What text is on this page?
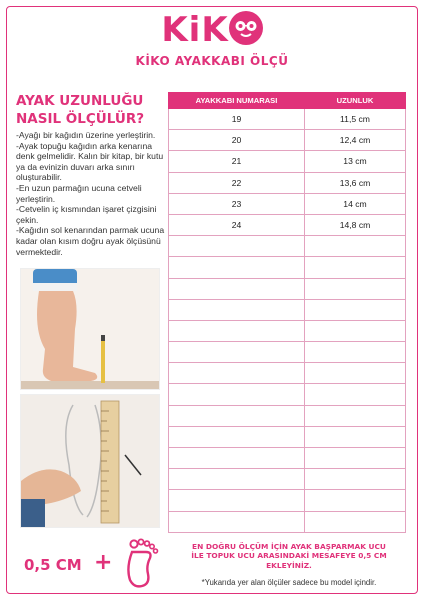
KiK
KİKO AYAKKABI ÖLÇÜ
AYAK UZUNLUĞU
NASIL ÖLÇÜLÜR?

-Ayağı bir kağıdın üzerine yerleştirin.

-Ayak topuğu kağıdın arka kenarına denk gelmelidir. Kalın bir kitap, bir kutu ya da evinizin duvarı arka sınırı oluşturabilir.

-En uzun parmağın ucuna cetveli yerleştirin.

-Cetvelin iç kısmından işaret çizgisini çekin.

-Kağıdın sol kenarından parmak ucuna kadar olan kısım doğru ayak ölçüsünü vermektedir.

AYAKKABI NUMARASI	UZUNLUK
19	11,5 cm
20	12,4 cm
21	13 cm
22	13,6 cm
23	14 cm
24	14,8 cm

0,5 CM +
EN DOĞRU ÖLÇÜM İÇİN AYAK BAŞPARMAK UCU
İLE TOPUK UCU ARASINDAKİ MESAFEYE 0,5 CM
EKLEYİNİZ.
*Yukarıda yer alan ölçüler sadece bu model içindir.
